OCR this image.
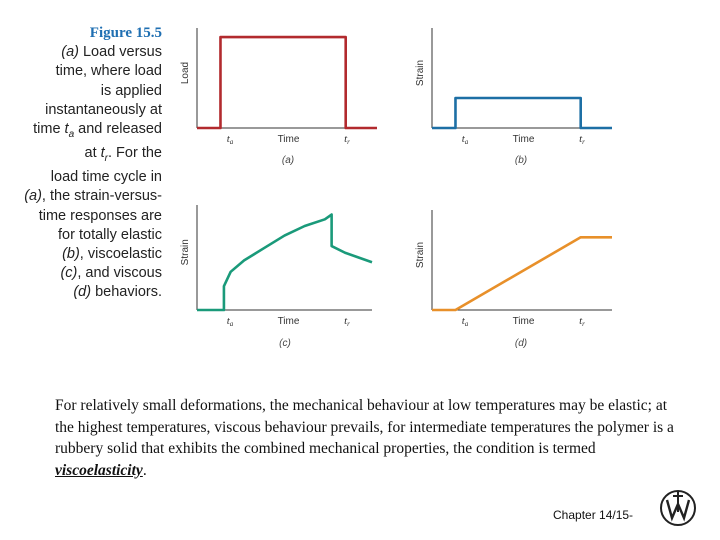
Figure 15.5
(a) Load versus
time, where load
is applied
instantaneously at
time $t_a$ and released
at $t_r$. For the
load time cycle in
(a), the strain-versus-
time responses are
for totally elastic
(b), viscoelastic
(c), and viscous
(d) behaviors.
Load
Time
ta	tr
(a)
Strain
Time
ta	tr
(b)
Strain
Time
ta	tr
(c)
Strain
Time
ta	tr
(d)

For relatively small deformations, the mechanical behaviour at low temperatures may be elastic; at the highest temperatures, viscous behaviour prevails, for intermediate temperatures the polymer is a rubbery solid that exhibits the combined mechanical properties, the condition is termed viscoelasticity.

Chapter 14/15-
